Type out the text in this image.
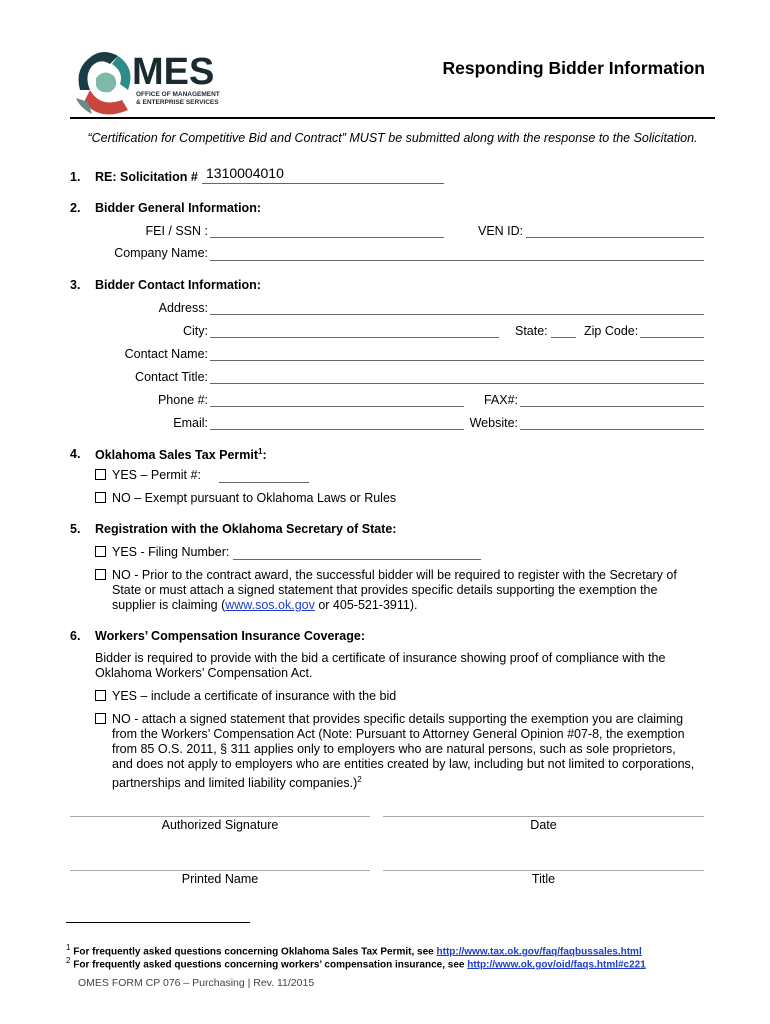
MES
OFFICE OF MANAGEMENT
& ENTERPRISE SERVICES
Responding Bidder Information
“Certification for Competitive Bid and Contract” MUST be submitted along with the response to the Solicitation.
1. RE: Solicitation # 1310004010
2. Bidder General Information:
FEI / SSN :	VEN ID:
Company Name:
3. Bidder Contact Information:
Address:
City:	State:	Zip Code:
Contact Name:
Contact Title:
Phone #:	FAX#:
Email:	Website:
4. Oklahoma Sales Tax Permit$^1$:
YES – Permit #:
NO – Exempt pursuant to Oklahoma Laws or Rules
5. Registration with the Oklahoma Secretary of State:
YES - Filing Number:
NO - Prior to the contract award, the successful bidder will be required to register with the Secretary of
State or must attach a signed statement that provides specific details supporting the exemption the
supplier is claiming (www.sos.ok.gov or 405-521-3911).
6. Workers’ Compensation Insurance Coverage:
Bidder is required to provide with the bid a certificate of insurance showing proof of compliance with the
Oklahoma Workers’ Compensation Act.
YES – include a certificate of insurance with the bid
NO - attach a signed statement that provides specific details supporting the exemption you are claiming
from the Workers’ Compensation Act (Note: Pursuant to Attorney General Opinion #07-8, the exemption
from 85 O.S. 2011, § 311 applies only to employers who are natural persons, such as sole proprietors,
and does not apply to employers who are entities created by law, including but not limited to corporations,
partnerships and limited liability companies.)$^2$
Authorized Signature	Date
Printed Name	Title
$^1$ For frequently asked questions concerning Oklahoma Sales Tax Permit, see http://www.tax.ok.gov/faq/faqbussales.html
$^2$ For frequently asked questions concerning workers’ compensation insurance, see http://www.ok.gov/oid/faqs.html#c221
OMES FORM CP 076 – Purchasing | Rev. 11/2015
